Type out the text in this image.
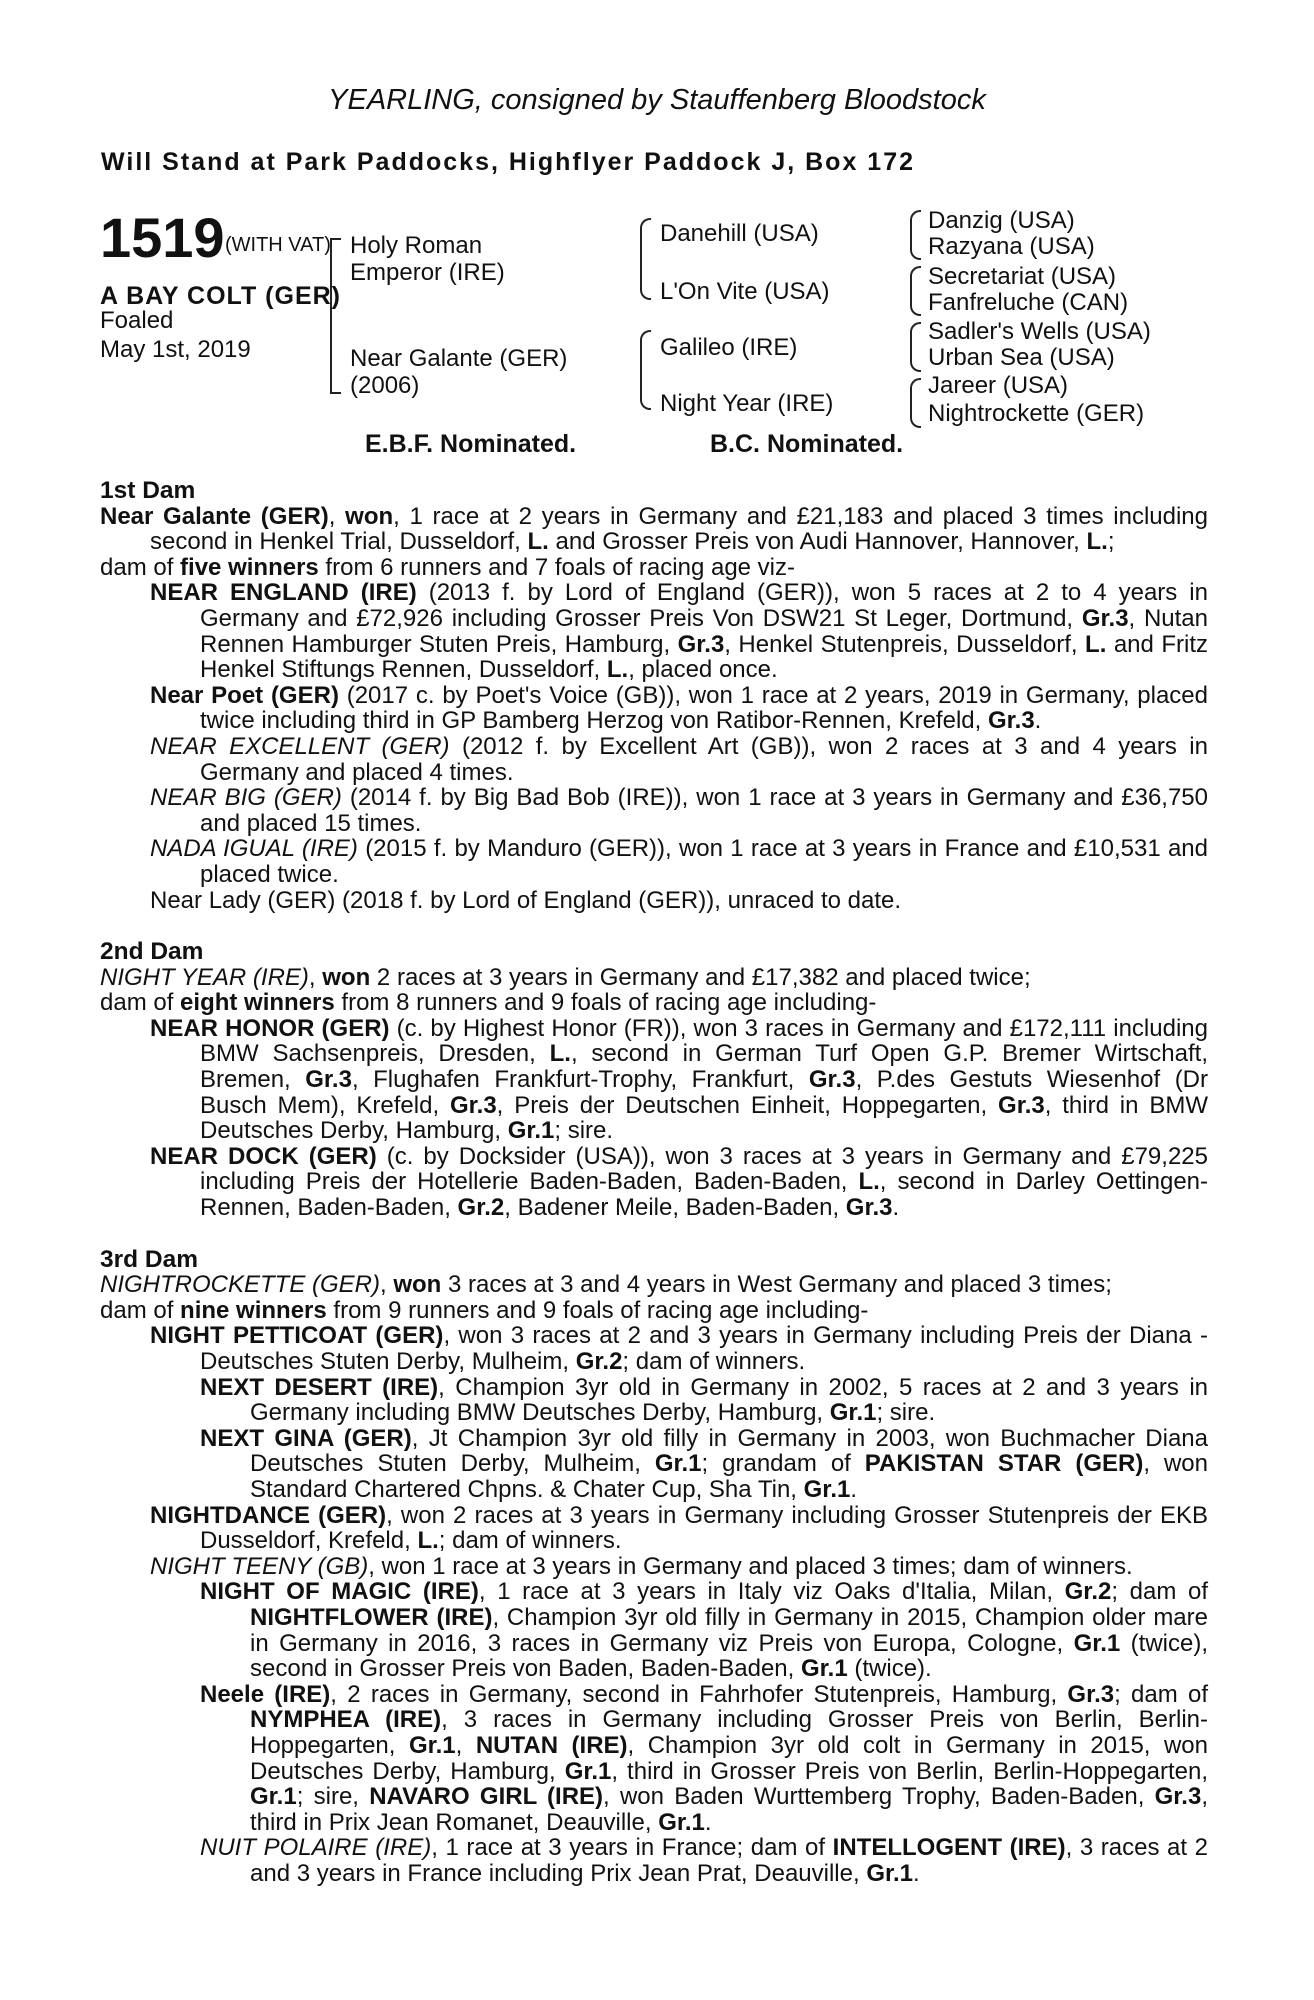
YEARLING, consigned by Stauffenberg Bloodstock
Will Stand at Park Paddocks, Highflyer Paddock J, Box 172
1519 (WITH VAT)
A BAY COLT (GER)
Foaled
May 1st, 2019
Holy Roman
Emperor (IRE)
Near Galante (GER)
(2006)
Danehill (USA)
L'On Vite (USA)
Galileo (IRE)
Night Year (IRE)
Danzig (USA)
Razyana (USA)
Secretariat (USA)
Fanfreluche (CAN)
Sadler's Wells (USA)
Urban Sea (USA)
Jareer (USA)
Nightrockette (GER)
E.B.F. Nominated.	B.C. Nominated.
1st Dam
Near Galante (GER), won, 1 race at 2 years in Germany and £21,183 and placed 3 times including second in Henkel Trial, Dusseldorf, L. and Grosser Preis von Audi Hannover, Hannover, L.;
dam of five winners from 6 runners and 7 foals of racing age viz-
NEAR ENGLAND (IRE) (2013 f. by Lord of England (GER)), won 5 races at 2 to 4 years in Germany and £72,926 including Grosser Preis Von DSW21 St Leger, Dortmund, Gr.3, Nutan Rennen Hamburger Stuten Preis, Hamburg, Gr.3, Henkel Stutenpreis, Dusseldorf, L. and Fritz Henkel Stiftungs Rennen, Dusseldorf, L., placed once.
Near Poet (GER) (2017 c. by Poet's Voice (GB)), won 1 race at 2 years, 2019 in Germany, placed twice including third in GP Bamberg Herzog von Ratibor-Rennen, Krefeld, Gr.3.
NEAR EXCELLENT (GER) (2012 f. by Excellent Art (GB)), won 2 races at 3 and 4 years in Germany and placed 4 times.
NEAR BIG (GER) (2014 f. by Big Bad Bob (IRE)), won 1 race at 3 years in Germany and £36,750 and placed 15 times.
NADA IGUAL (IRE) (2015 f. by Manduro (GER)), won 1 race at 3 years in France and £10,531 and placed twice.
Near Lady (GER) (2018 f. by Lord of England (GER)), unraced to date.
2nd Dam
NIGHT YEAR (IRE), won 2 races at 3 years in Germany and £17,382 and placed twice;
dam of eight winners from 8 runners and 9 foals of racing age including-
NEAR HONOR (GER) (c. by Highest Honor (FR)), won 3 races in Germany and £172,111 including BMW Sachsenpreis, Dresden, L., second in German Turf Open G.P. Bremer Wirtschaft, Bremen, Gr.3, Flughafen Frankfurt-Trophy, Frankfurt, Gr.3, P.des Gestuts Wiesenhof (Dr Busch Mem), Krefeld, Gr.3, Preis der Deutschen Einheit, Hoppegarten, Gr.3, third in BMW Deutsches Derby, Hamburg, Gr.1; sire.
NEAR DOCK (GER) (c. by Docksider (USA)), won 3 races at 3 years in Germany and £79,225 including Preis der Hotellerie Baden-Baden, Baden-Baden, L., second in Darley Oettingen-Rennen, Baden-Baden, Gr.2, Badener Meile, Baden-Baden, Gr.3.
3rd Dam
NIGHTROCKETTE (GER), won 3 races at 3 and 4 years in West Germany and placed 3 times;
dam of nine winners from 9 runners and 9 foals of racing age including-
NIGHT PETTICOAT (GER), won 3 races at 2 and 3 years in Germany including Preis der Diana - Deutsches Stuten Derby, Mulheim, Gr.2; dam of winners.
NEXT DESERT (IRE), Champion 3yr old in Germany in 2002, 5 races at 2 and 3 years in Germany including BMW Deutsches Derby, Hamburg, Gr.1; sire.
NEXT GINA (GER), Jt Champion 3yr old filly in Germany in 2003, won Buchmacher Diana Deutsches Stuten Derby, Mulheim, Gr.1; grandam of PAKISTAN STAR (GER), won Standard Chartered Chpns. & Chater Cup, Sha Tin, Gr.1.
NIGHTDANCE (GER), won 2 races at 3 years in Germany including Grosser Stutenpreis der EKB Dusseldorf, Krefeld, L.; dam of winners.
NIGHT TEENY (GB), won 1 race at 3 years in Germany and placed 3 times; dam of winners.
NIGHT OF MAGIC (IRE), 1 race at 3 years in Italy viz Oaks d'Italia, Milan, Gr.2; dam of NIGHTFLOWER (IRE), Champion 3yr old filly in Germany in 2015, Champion older mare in Germany in 2016, 3 races in Germany viz Preis von Europa, Cologne, Gr.1 (twice), second in Grosser Preis von Baden, Baden-Baden, Gr.1 (twice).
Neele (IRE), 2 races in Germany, second in Fahrhofer Stutenpreis, Hamburg, Gr.3; dam of NYMPHEA (IRE), 3 races in Germany including Grosser Preis von Berlin, Berlin-Hoppegarten, Gr.1, NUTAN (IRE), Champion 3yr old colt in Germany in 2015, won Deutsches Derby, Hamburg, Gr.1, third in Grosser Preis von Berlin, Berlin-Hoppegarten, Gr.1; sire, NAVARO GIRL (IRE), won Baden Wurttemberg Trophy, Baden-Baden, Gr.3, third in Prix Jean Romanet, Deauville, Gr.1.
NUIT POLAIRE (IRE), 1 race at 3 years in France; dam of INTELLOGENT (IRE), 3 races at 2 and 3 years in France including Prix Jean Prat, Deauville, Gr.1.
